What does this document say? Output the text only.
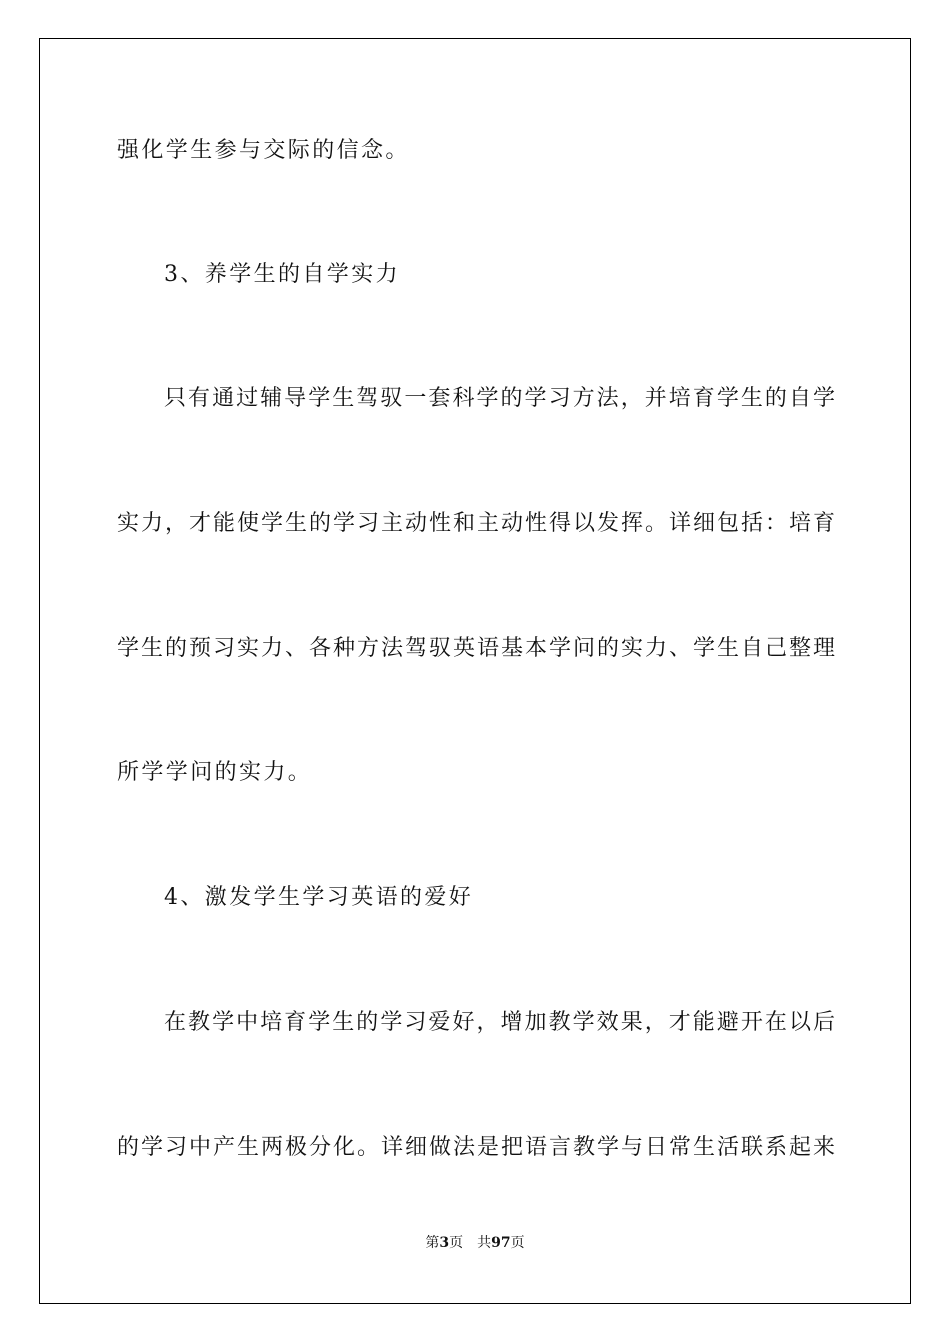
强化学生参与交际的信念。
3、养学生的自学实力
只有通过辅导学生驾驭一套科学的学习方法，并培育学生的自学
实力，才能使学生的学习主动性和主动性得以发挥。详细包括：培育
学生的预习实力、各种方法驾驭英语基本学问的实力、学生自己整理
所学学问的实力。
4、激发学生学习英语的爱好
在教学中培育学生的学习爱好，增加教学效果，才能避开在以后
的学习中产生两极分化。详细做法是把语言教学与日常生活联系起来
第3页 共97页
